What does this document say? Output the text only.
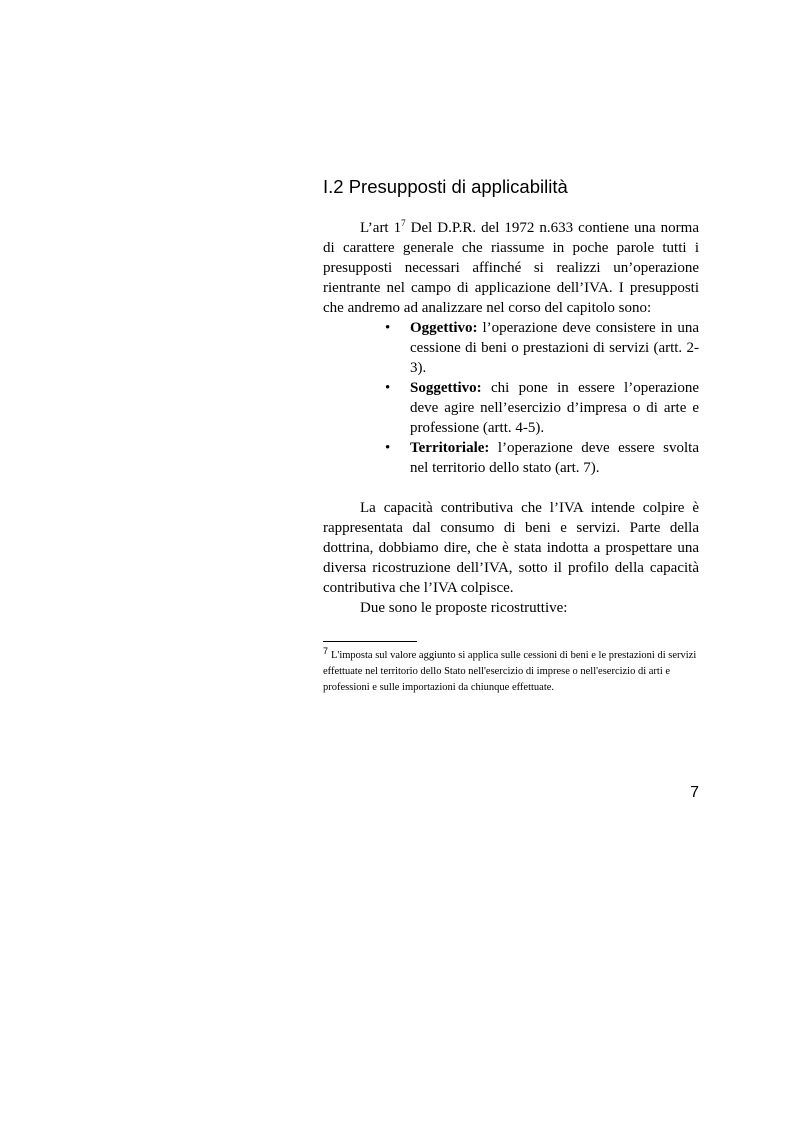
I.2 Presupposti di applicabilità

L’art $1^7$ Del D.P.R. del 1972 n.633 contiene una norma di carattere generale che riassume in poche parole tutti i presupposti necessari affinché si realizzi un’operazione rientrante nel campo di applicazione dell’IVA. I presupposti che andremo ad analizzare nel corso del capitolo sono:

• Oggettivo: l’operazione deve consistere in una cessione di beni o prestazioni di servizi (artt. 2-3).
• Soggettivo: chi pone in essere l’operazione deve agire nell’esercizio d’impresa o di arte e professione (artt. 4-5).
• Territoriale: l’operazione deve essere svolta nel territorio dello stato (art. 7).

La capacità contributiva che l’IVA intende colpire è rappresentata dal consumo di beni e servizi. Parte della dottrina, dobbiamo dire, che è stata indotta a prospettare una diversa ricostruzione dell’IVA, sotto il profilo della capacità contributiva che l’IVA colpisce.

Due sono le proposte ricostruttive:

7 L'imposta sul valore aggiunto si applica sulle cessioni di beni e le prestazioni di servizi effettuate nel territorio dello Stato nell'esercizio di imprese o nell'esercizio di arti e professioni e sulle importazioni da chiunque effettuate.

7
